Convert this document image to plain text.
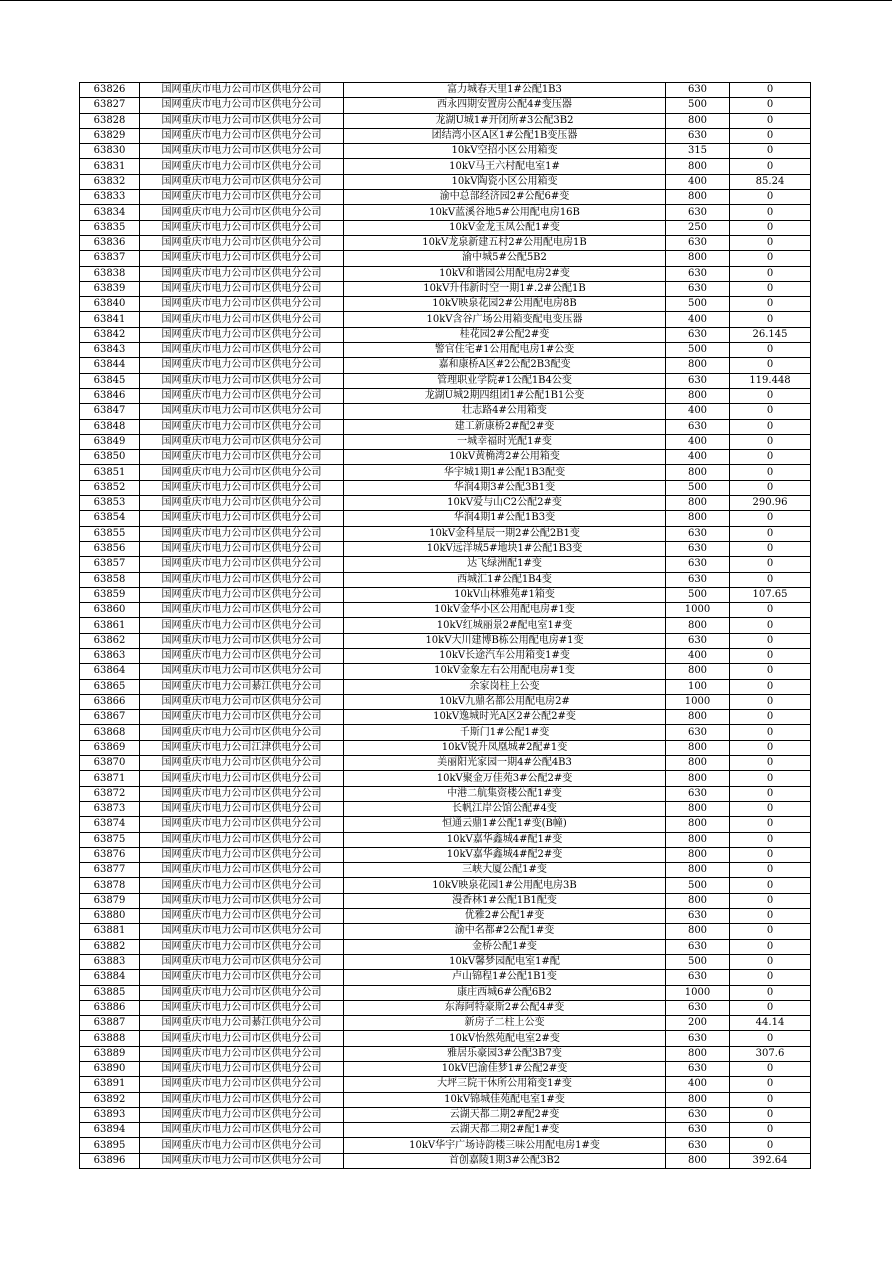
63826	国网重庆市电力公司市区供电分公司	富力城春天里1#公配1B3	630	0
63827	国网重庆市电力公司市区供电分公司	西永四期安置房公配4#变压器	500	0
63828	国网重庆市电力公司市区供电分公司	龙湖U城1#开闭所#3公配3B2	800	0
63829	国网重庆市电力公司市区供电分公司	团结湾小区A区1#公配1B变压器	630	0
63830	国网重庆市电力公司市区供电分公司	10kV空招小区公用箱变	315	0
63831	国网重庆市电力公司市区供电分公司	10kV马王六村配电室1#	800	0
63832	国网重庆市电力公司市区供电分公司	10kV陶瓷小区公用箱变	400	85.24
63833	国网重庆市电力公司市区供电分公司	渝中总部经济园2#公配6#变	800	0
63834	国网重庆市电力公司市区供电分公司	10kV蓝溪谷地5#公用配电房16B	630	0
63835	国网重庆市电力公司市区供电分公司	10kV金龙玉凤公配1#变	250	0
63836	国网重庆市电力公司市区供电分公司	10kV龙泉新建五村2#公用配电房1B	630	0
63837	国网重庆市电力公司市区供电分公司	渝中城5#公配5B2	800	0
63838	国网重庆市电力公司市区供电分公司	10kV和谐园公用配电房2#变	630	0
63839	国网重庆市电力公司市区供电分公司	10kV升伟新时空一期1#.2#公配1B	630	0
63840	国网重庆市电力公司市区供电分公司	10kV映泉花园2#公用配电房8B	500	0
63841	国网重庆市电力公司市区供电分公司	10kV含谷广场公用箱变配电变压器	400	0
63842	国网重庆市电力公司市区供电分公司	桂花园2#公配2#变	630	26.145
63843	国网重庆市电力公司市区供电分公司	警官住宅#1公用配电房1#公变	500	0
63844	国网重庆市电力公司市区供电分公司	嘉和康桥A区#2公配2B3配变	800	0
63845	国网重庆市电力公司市区供电分公司	管理职业学院#1公配1B4公变	630	119.448
63846	国网重庆市电力公司市区供电分公司	龙湖U城2期四组团1#公配1B1公变	800	0
63847	国网重庆市电力公司市区供电分公司	壮志路4#公用箱变	400	0
63848	国网重庆市电力公司市区供电分公司	建工新康桥2#配2#变	630	0
63849	国网重庆市电力公司市区供电分公司	一城幸福时光配1#变	400	0
63850	国网重庆市电力公司市区供电分公司	10kV黄桷湾2#公用箱变	400	0
63851	国网重庆市电力公司市区供电分公司	华宇城1期1#公配1B3配变	800	0
63852	国网重庆市电力公司市区供电分公司	华润4期3#公配3B1变	500	0
63853	国网重庆市电力公司市区供电分公司	10kV爱与山C2公配2#变	800	290.96
63854	国网重庆市电力公司市区供电分公司	华润4期1#公配1B3变	800	0
63855	国网重庆市电力公司市区供电分公司	10kV金科星辰一期2#公配2B1变	630	0
63856	国网重庆市电力公司市区供电分公司	10kV远洋城5#地块1#公配1B3变	630	0
63857	国网重庆市电力公司市区供电分公司	达飞绿洲配1#变	630	0
63858	国网重庆市电力公司市区供电分公司	西城汇1#公配1B4变	630	0
63859	国网重庆市电力公司市区供电分公司	10kV山林雅苑#1箱变	500	107.65
63860	国网重庆市电力公司市区供电分公司	10kV金华小区公用配电房#1变	1000	0
63861	国网重庆市电力公司市区供电分公司	10kV红城丽景2#配电室1#变	800	0
63862	国网重庆市电力公司市区供电分公司	10kV大川建博B栋公用配电房#1变	630	0
63863	国网重庆市电力公司市区供电分公司	10kV长途汽车公用箱变1#变	400	0
63864	国网重庆市电力公司市区供电分公司	10kV金象左右公用配电房#1变	800	0
63865	国网重庆市电力公司綦江供电分公司	余家岗柱上公变	100	0
63866	国网重庆市电力公司市区供电分公司	10kV九鼎名都公用配电房2#	1000	0
63867	国网重庆市电力公司市区供电分公司	10kV逸城时光A区2#公配2#变	800	0
63868	国网重庆市电力公司市区供电分公司	千斯门1#公配1#变	630	0
63869	国网重庆市电力公司江津供电分公司	10kV锐升凤凰城#2配#1变	800	0
63870	国网重庆市电力公司市区供电分公司	美丽阳光家园一期4#公配4B3	800	0
63871	国网重庆市电力公司市区供电分公司	10kV聚金万佳苑3#公配2#变	800	0
63872	国网重庆市电力公司市区供电分公司	中港二航集资楼公配1#变	630	0
63873	国网重庆市电力公司市区供电分公司	长帆江岸公馆公配#4变	800	0
63874	国网重庆市电力公司市区供电分公司	恒通云鼎1#公配1#变(B幢)	800	0
63875	国网重庆市电力公司市区供电分公司	10kV嘉华鑫城4#配1#变	800	0
63876	国网重庆市电力公司市区供电分公司	10kV嘉华鑫城4#配2#变	800	0
63877	国网重庆市电力公司市区供电分公司	三峡大厦公配1#变	800	0
63878	国网重庆市电力公司市区供电分公司	10kV映泉花园1#公用配电房3B	500	0
63879	国网重庆市电力公司市区供电分公司	漫香林1#公配1B1配变	800	0
63880	国网重庆市电力公司市区供电分公司	优雅2#公配1#变	630	0
63881	国网重庆市电力公司市区供电分公司	渝中名都#2公配1#变	800	0
63882	国网重庆市电力公司市区供电分公司	金桥公配1#变	630	0
63883	国网重庆市电力公司市区供电分公司	10kV馨梦园配电室1#配	500	0
63884	国网重庆市电力公司市区供电分公司	卢山锦程1#公配1B1变	630	0
63885	国网重庆市电力公司市区供电分公司	康庄西城6#公配6B2	1000	0
63886	国网重庆市电力公司市区供电分公司	东海阿特豪斯2#公配4#变	630	0
63887	国网重庆市电力公司綦江供电分公司	新房子二柱上公变	200	44.14
63888	国网重庆市电力公司市区供电分公司	10kV怡然苑配电室2#变	630	0
63889	国网重庆市电力公司市区供电分公司	雅居乐豪园3#公配3B7变	800	307.6
63890	国网重庆市电力公司市区供电分公司	10kV巴渝佳梦1#公配2#变	630	0
63891	国网重庆市电力公司市区供电分公司	大坪三院干休所公用箱变1#变	400	0
63892	国网重庆市电力公司市区供电分公司	10kV锦城佳苑配电室1#变	800	0
63893	国网重庆市电力公司市区供电分公司	云湖天都二期2#配2#变	630	0
63894	国网重庆市电力公司市区供电分公司	云湖天都二期2#配1#变	630	0
63895	国网重庆市电力公司市区供电分公司	10kV华宇广场诗韵楼三味公用配电房1#变	630	0
63896	国网重庆市电力公司市区供电分公司	首创嘉陵1期3#公配3B2	800	392.64
